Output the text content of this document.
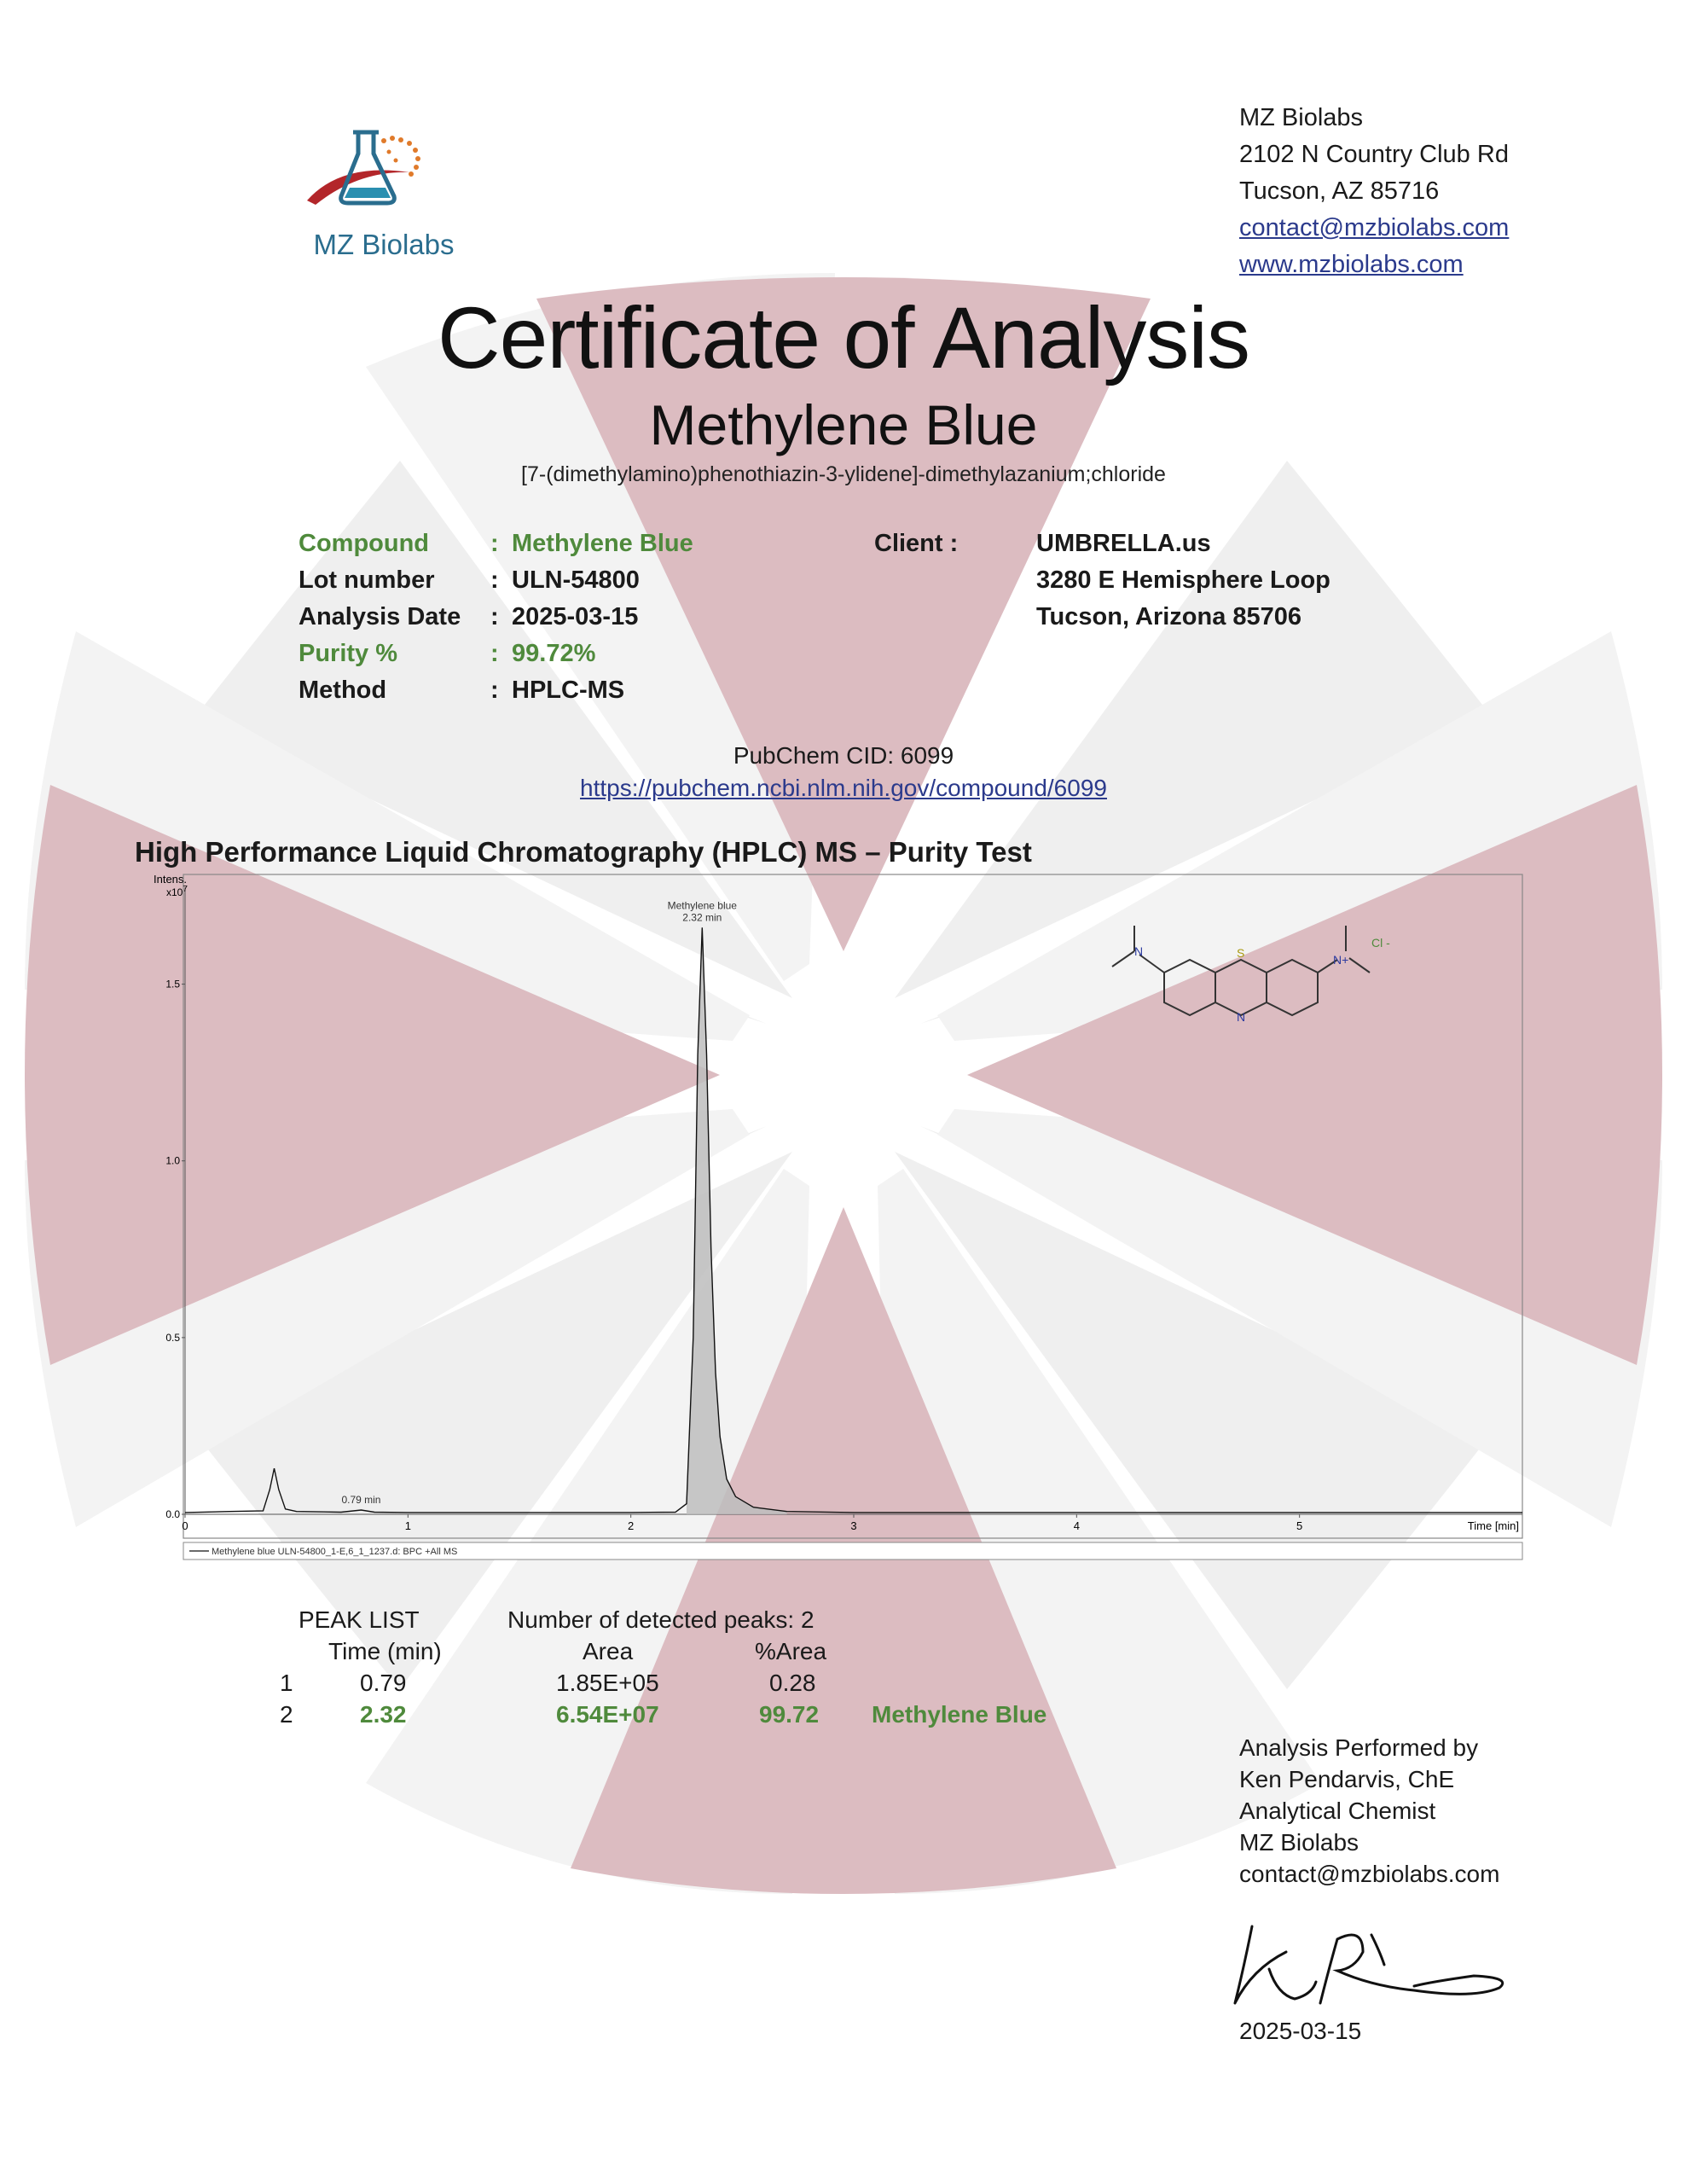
MZ Biolabs
MZ Biolabs
2102 N Country Club Rd
Tucson, AZ 85716
contact@mzbiolabs.com
www.mzbiolabs.com
Certificate of Analysis
Methylene Blue
[7-(dimethylamino)phenothiazin-3-ylidene]-dimethylazanium;chloride
Compound	: Methylene Blue
Lot number	: ULN-54800
Analysis Date	: 2025-03-15
Purity %	: 99.72%
Method	: HPLC-MS
Client :	UMBRELLA.us
3280 E Hemisphere Loop
Tucson, Arizona 85706
PubChem CID: 6099
https://pubchem.ncbi.nlm.nih.gov/compound/6099
High Performance Liquid Chromatography (HPLC) MS – Purity Test
Intens.
$x10^7$
0.0
0.5
1.0
1.5
0	1	2	3	4	5	Time [min]
Methylene blue
2.32 min
0.79 min
Methylene blue ULN-54800_1-E,6_1_1237.d: BPC +All MS
N	S
N
N+
Cl -
PEAK LIST	Number of detected peaks: 2
Time (min)	Area	%Area
1	0.79	1.85E+05	0.28
2	2.32	6.54E+07	99.72 Methylene Blue
Analysis Performed by
Ken Pendarvis, ChE
Analytical Chemist
MZ Biolabs
contact@mzbiolabs.com
2025-03-15
